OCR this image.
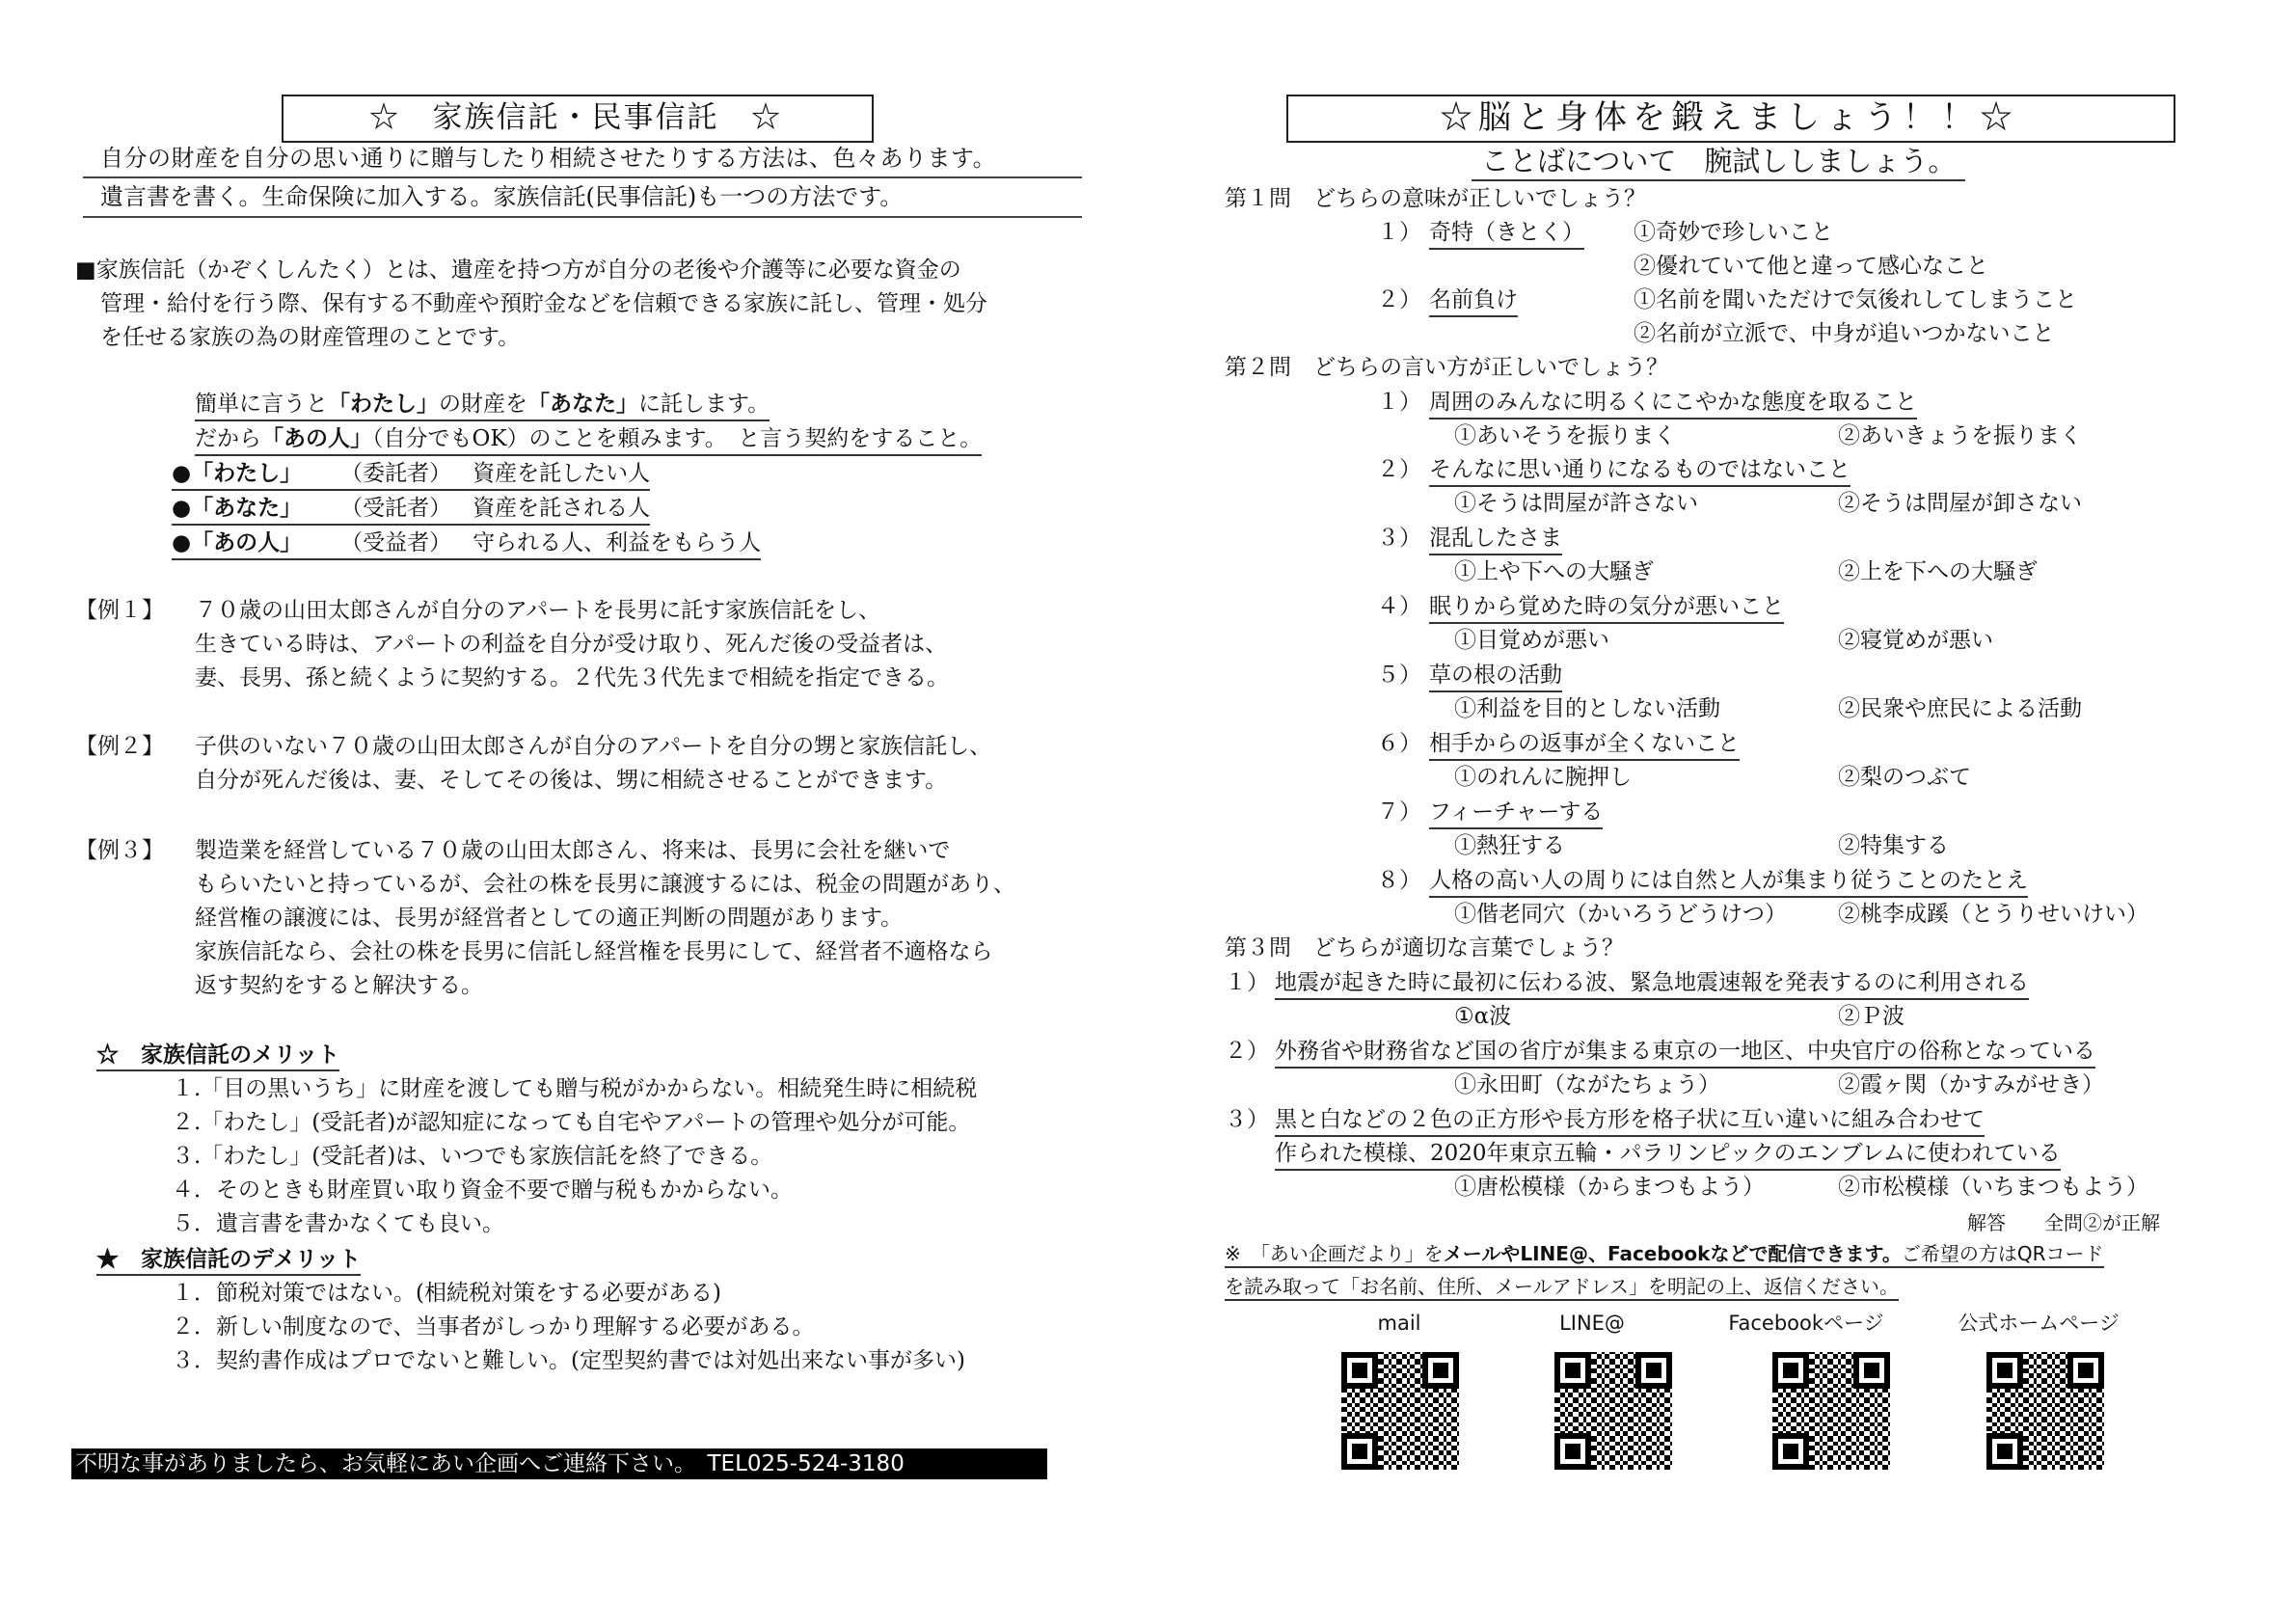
☆　家族信託・民事信託　☆
自分の財産を自分の思い通りに贈与したり相続させたりする方法は、色々あります。
遺言書を書く。生命保険に加入する。家族信託(民事信託)も一つの方法です。
■家族信託（かぞくしんたく）とは、遺産を持つ方が自分の老後や介護等に必要な資金の
管理・給付を行う際、保有する不動産や預貯金などを信頼できる家族に託し、管理・処分
を任せる家族の為の財産管理のことです。
簡単に言うと「わたし」の財産を「あなた」に託します。
だから「あの人」（自分でもOK）のことを頼みます。　と言う契約をすること。
●「わたし」 （委託者） 資産を託したい人
●「あなた」 （受託者） 資産を託される人
●「あの人」 （受益者） 守られる人、利益をもらう人
【例１】 ７０歳の山田太郎さんが自分のアパートを長男に託す家族信託をし、
生きている時は、アパートの利益を自分が受け取り、死んだ後の受益者は、
妻、長男、孫と続くように契約する。２代先３代先まで相続を指定できる。
【例２】 子供のいない７０歳の山田太郎さんが自分のアパートを自分の甥と家族信託し、
自分が死んだ後は、妻、そしてその後は、甥に相続させることができます。
【例３】 製造業を経営している７０歳の山田太郎さん、将来は、長男に会社を継いで
もらいたいと持っているが、会社の株を長男に譲渡するには、税金の問題があり、
経営権の譲渡には、長男が経営者としての適正判断の問題があります。
家族信託なら、会社の株を長男に信託し経営権を長男にして、経営者不適格なら
返す契約をすると解決する。
☆　家族信託のメリット
１.「目の黒いうち」に財産を渡しても贈与税がかからない。相続発生時に相続税
２.「わたし」(受託者)が認知症になっても自宅やアパートの管理や処分が可能。
３.「わたし」(受託者)は、いつでも家族信託を終了できる。
４．そのときも財産買い取り資金不要で贈与税もかからない。
５．遺言書を書かなくても良い。
★　家族信託のデメリット
１．節税対策ではない。(相続税対策をする必要がある)
２．新しい制度なので、当事者がしっかり理解する必要がある。
３．契約書作成はプロでないと難しい。(定型契約書では対処出来ない事が多い)
不明な事がありましたら、お気軽にあい企画へご連絡下さい。　TEL025-524-3180
☆脳と身体を鍛えましょう！！☆
ことばについて　腕試ししましょう。
第１問　どちらの意味が正しいでしょう？
１） 奇特（きとく） ①奇妙で珍しいこと
②優れていて他と違って感心なこと
２） 名前負け	①名前を聞いただけで気後れしてしまうこと
②名前が立派で、中身が追いつかないこと
第２問　どちらの言い方が正しいでしょう？
１） 周囲のみんなに明るくにこやかな態度を取ること
①あいそうを振りまく	②あいきょうを振りまく
２） そんなに思い通りになるものではないこと
①そうは問屋が許さない	②そうは問屋が卸さない
３） 混乱したさま
①上や下への大騒ぎ	②上を下への大騒ぎ
４） 眠りから覚めた時の気分が悪いこと
①目覚めが悪い	②寝覚めが悪い
５） 草の根の活動
①利益を目的としない活動	②民衆や庶民による活動
６） 相手からの返事が全くないこと
①のれんに腕押し	②梨のつぶて
７） フィーチャーする
①熱狂する	②特集する
８） 人格の高い人の周りには自然と人が集まり従うことのたとえ
①偕老同穴（かいろうどうけつ） ②桃李成蹊（とうりせいけい）
第３問　どちらが適切な言葉でしょう？
１） 地震が起きた時に最初に伝わる波、緊急地震速報を発表するのに利用される
①α波	②Ｐ波
２） 外務省や財務省など国の省庁が集まる東京の一地区、中央官庁の俗称となっている
①永田町（ながたちょう）	②霞ヶ関（かすみがせき）
３） 黒と白などの２色の正方形や長方形を格子状に互い違いに組み合わせて
作られた模様、2020年東京五輪・パラリンピックのエンブレムに使われている
①唐松模様（からまつもよう）	②市松模様（いちまつもよう）
解答　　全問②が正解
※　「あい企画だより」をメールやLINE@、Facebookなどで配信できます。ご希望の方はQRコード
を読み取って「お名前、住所、メールアドレス」を明記の上、返信ください。
mail	LINE@	Facebookページ	公式ホームページ
